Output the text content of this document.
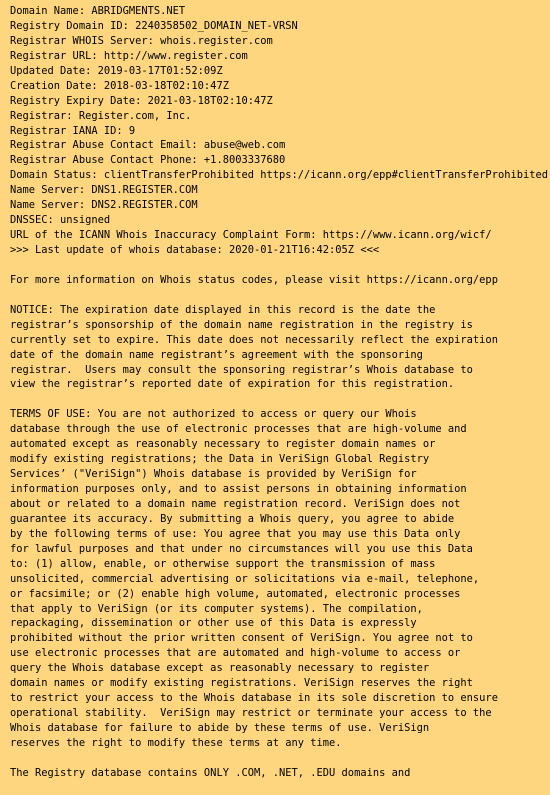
Domain Name: ABRIDGMENTS.NET
Registry Domain ID: 2240358502_DOMAIN_NET-VRSN
Registrar WHOIS Server: whois.register.com
Registrar URL: http://www.register.com
Updated Date: 2019-03-17T01:52:09Z
Creation Date: 2018-03-18T02:10:47Z
Registry Expiry Date: 2021-03-18T02:10:47Z
Registrar: Register.com, Inc.
Registrar IANA ID: 9
Registrar Abuse Contact Email: abuse@web.com
Registrar Abuse Contact Phone: +1.8003337680
Domain Status: clientTransferProhibited https://icann.org/epp#clientTransferProhibited
Name Server: DNS1.REGISTER.COM
Name Server: DNS2.REGISTER.COM
DNSSEC: unsigned
URL of the ICANN Whois Inaccuracy Complaint Form: https://www.icann.org/wicf/
>>> Last update of whois database: 2020-01-21T16:42:05Z <<<
For more information on Whois status codes, please visit https://icann.org/epp
NOTICE: The expiration date displayed in this record is the date the
registrar’s sponsorship of the domain name registration in the registry is
currently set to expire. This date does not necessarily reflect the expiration
date of the domain name registrant’s agreement with the sponsoring
registrar.  Users may consult the sponsoring registrar’s Whois database to
view the registrar’s reported date of expiration for this registration.
TERMS OF USE: You are not authorized to access or query our Whois
database through the use of electronic processes that are high-volume and
automated except as reasonably necessary to register domain names or
modify existing registrations; the Data in VeriSign Global Registry
Services’ ("VeriSign") Whois database is provided by VeriSign for
information purposes only, and to assist persons in obtaining information
about or related to a domain name registration record. VeriSign does not
guarantee its accuracy. By submitting a Whois query, you agree to abide
by the following terms of use: You agree that you may use this Data only
for lawful purposes and that under no circumstances will you use this Data
to: (1) allow, enable, or otherwise support the transmission of mass
unsolicited, commercial advertising or solicitations via e-mail, telephone,
or facsimile; or (2) enable high volume, automated, electronic processes
that apply to VeriSign (or its computer systems). The compilation,
repackaging, dissemination or other use of this Data is expressly
prohibited without the prior written consent of VeriSign. You agree not to
use electronic processes that are automated and high-volume to access or
query the Whois database except as reasonably necessary to register
domain names or modify existing registrations. VeriSign reserves the right
to restrict your access to the Whois database in its sole discretion to ensure
operational stability.  VeriSign may restrict or terminate your access to the
Whois database for failure to abide by these terms of use. VeriSign
reserves the right to modify these terms at any time.
The Registry database contains ONLY .COM, .NET, .EDU domains and
